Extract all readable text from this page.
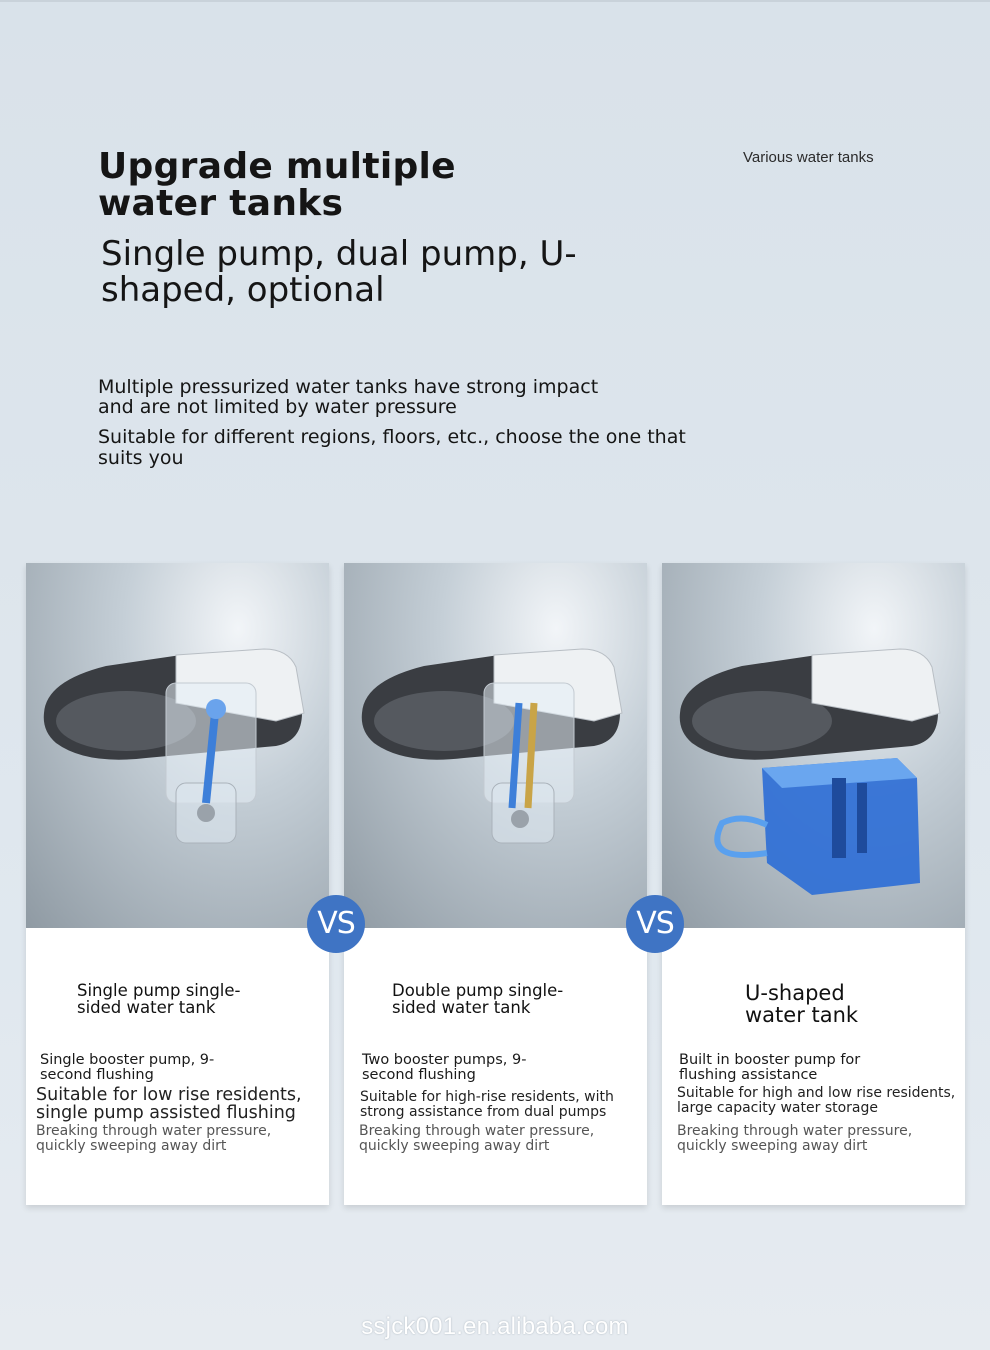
Upgrade multiple water tanks
Single pump, dual pump, U-shaped, optional
Various water tanks

Multiple pressurized water tanks have strong impact and are not limited by water pressure

Suitable for different regions, floors, etc., choose the one that suits you

Single pump single-sided water tank

Single booster pump, 9-second flushing

Suitable for low rise residents, single pump assisted flushing

Breaking through water pressure, quickly sweeping away dirt

Double pump single-sided water tank

Two booster pumps, 9-second flushing

Suitable for high-rise residents, with strong assistance from dual pumps

Breaking through water pressure, quickly sweeping away dirt

U-shaped water tank

Built in booster pump for flushing assistance

Suitable for high and low rise residents, large capacity water storage

Breaking through water pressure, quickly sweeping away dirt

VS	VS
ssjck001.en.alibaba.com
